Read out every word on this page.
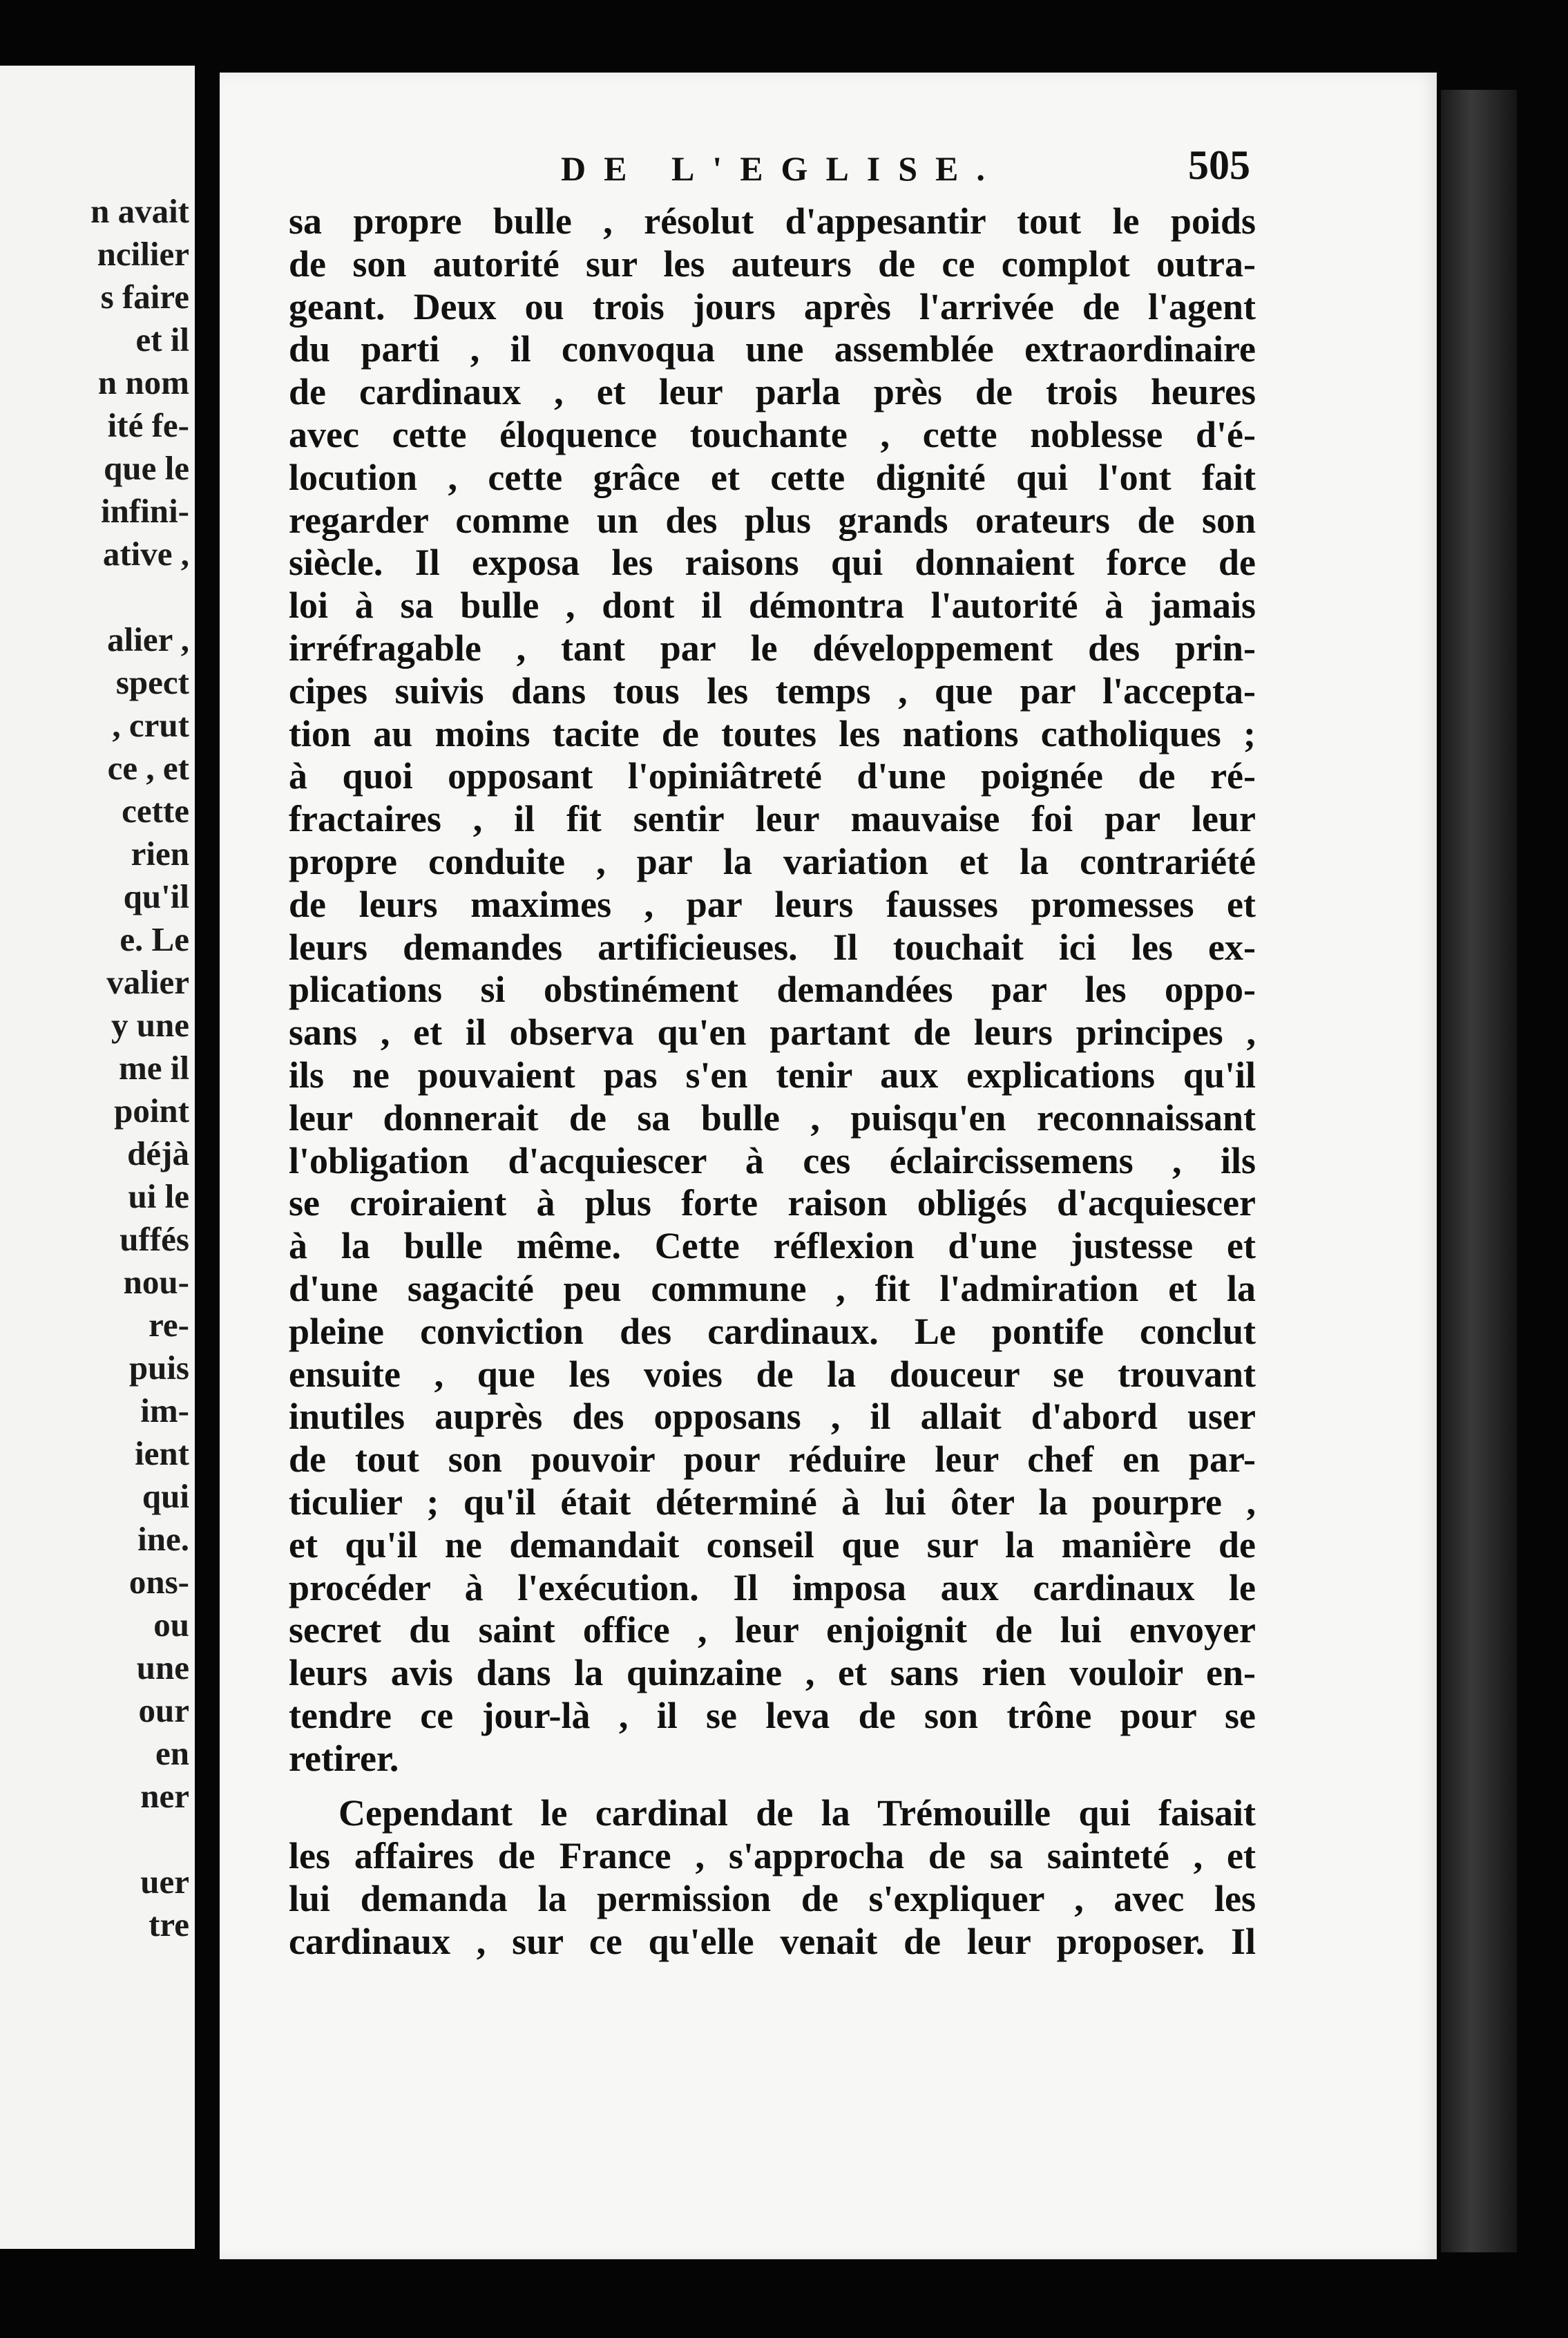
n avait
ncilier
s faire
et il
n nom
ité fe-
que le
infini-
ative ,
alier ,
spect
, crut
ce , et
cette
rien
qu'il
e. Le
valier
y une
me il
point
déjà
ui le
uffés
nou-
re-
puis
im-
ient
qui
ine.
ons-
ou
une
our
en
ner
uer
tre
DE L'EGLISE.	505
sa propre bulle , résolut d'appesantir tout le poids
de son autorité sur les auteurs de ce complot outra-
geant. Deux ou trois jours après l'arrivée de l'agent
du parti , il convoqua une assemblée extraordinaire
de cardinaux , et leur parla près de trois heures
avec cette éloquence touchante , cette noblesse d'é-
locution , cette grâce et cette dignité qui l'ont fait
regarder comme un des plus grands orateurs de son
siècle. Il exposa les raisons qui donnaient force de
loi à sa bulle , dont il démontra l'autorité à jamais
irréfragable , tant par le développement des prin-
cipes suivis dans tous les temps , que par l'accepta-
tion au moins tacite de toutes les nations catholiques ;
à quoi opposant l'opiniâtreté d'une poignée de ré-
fractaires , il fit sentir leur mauvaise foi par leur
propre conduite , par la variation et la contrariété
de leurs maximes , par leurs fausses promesses et
leurs demandes artificieuses. Il touchait ici les ex-
plications si obstinément demandées par les oppo-
sans , et il observa qu'en partant de leurs principes ,
ils ne pouvaient pas s'en tenir aux explications qu'il
leur donnerait de sa bulle , puisqu'en reconnaissant
l'obligation d'acquiescer à ces éclaircissemens , ils
se croiraient à plus forte raison obligés d'acquiescer
à la bulle même. Cette réflexion d'une justesse et
d'une sagacité peu commune , fit l'admiration et la
pleine conviction des cardinaux. Le pontife conclut
ensuite , que les voies de la douceur se trouvant
inutiles auprès des opposans , il allait d'abord user
de tout son pouvoir pour réduire leur chef en par-
ticulier ; qu'il était déterminé à lui ôter la pourpre ,
et qu'il ne demandait conseil que sur la manière de
procéder à l'exécution. Il imposa aux cardinaux le
secret du saint office , leur enjoignit de lui envoyer
leurs avis dans la quinzaine , et sans rien vouloir en-
tendre ce jour-là , il se leva de son trône pour se
retirer.
Cependant le cardinal de la Trémouille qui faisait
les affaires de France , s'approcha de sa sainteté , et
lui demanda la permission de s'expliquer , avec les
cardinaux , sur ce qu'elle venait de leur proposer. Il
